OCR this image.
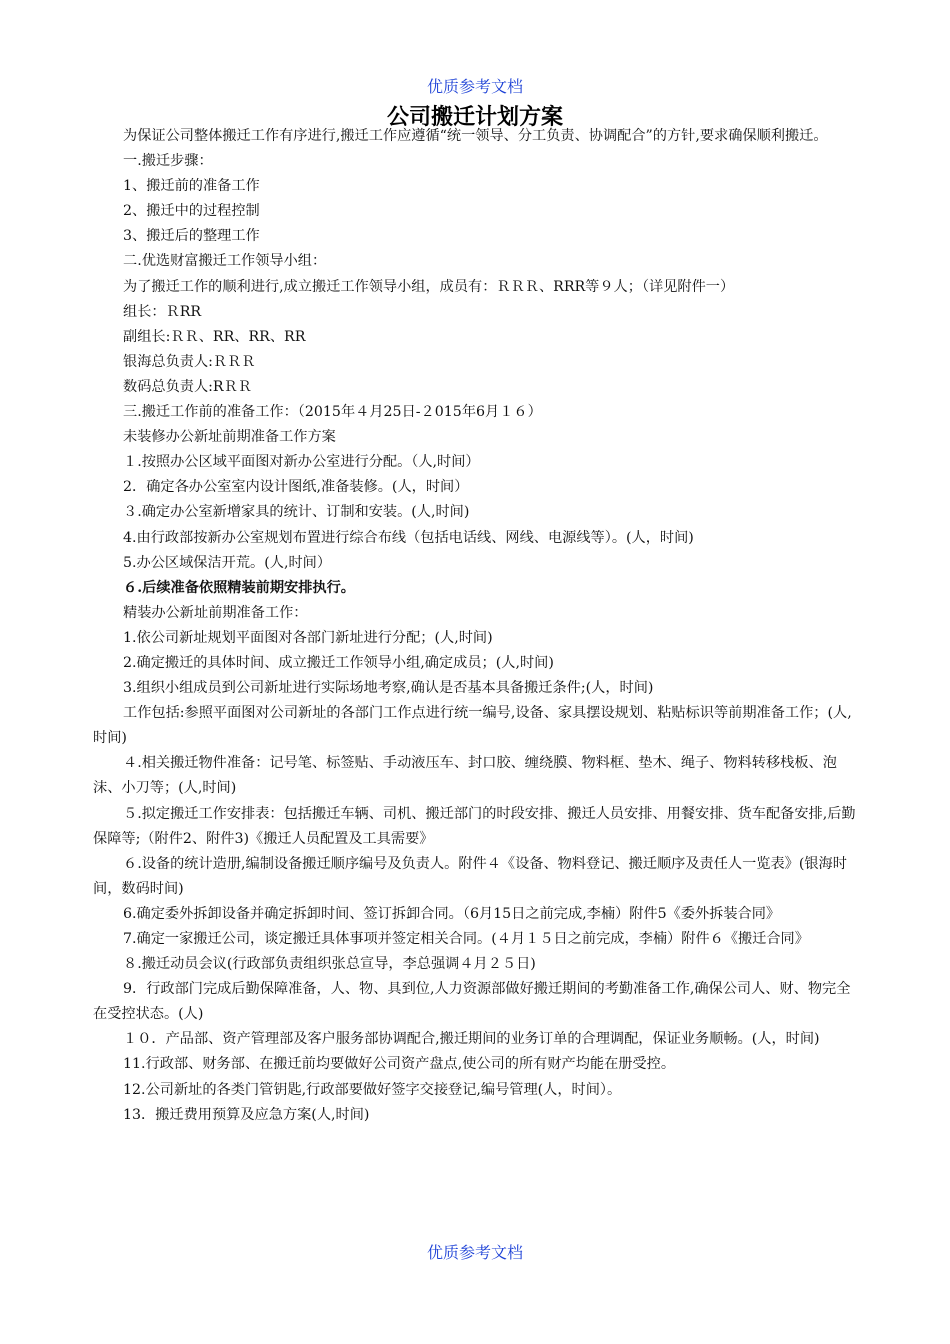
优质参考文档
公司搬迁计划方案

为保证公司整体搬迁工作有序进行,搬迁工作应遵循“统一领导、分工负责、协调配合”的方针,要求确保顺利搬迁。

一.搬迁步骤：

1、搬迁前的准备工作

2、搬迁中的过程控制

3、搬迁后的整理工作

二.优选财富搬迁工作领导小组：

为了搬迁工作的顺利进行,成立搬迁工作领导小组，成员有：ＲＲＲ、RRR等９人；（详见附件一）

组长：ＲRR

副组长:ＲＲ、RR、RR、RR

银海总负责人:ＲＲＲ

数码总负责人:RＲＲ

三.搬迁工作前的准备工作：（2015年４月25日-２015年6月１６）

未装修办公新址前期准备工作方案

１.按照办公区域平面图对新办公室进行分配。（人,时间）

2．确定各办公室室内设计图纸,准备装修。(人，时间）

３.确定办公室新增家具的统计、订制和安装。(人,时间)

4.由行政部按新办公室规划布置进行综合布线（包括电话线、网线、电源线等）。(人，时间)

5.办公区域保洁开荒。(人,时间）

６.后续准备依照精装前期安排执行。

精装办公新址前期准备工作：

1.依公司新址规划平面图对各部门新址进行分配；(人,时间)

2.确定搬迁的具体时间、成立搬迁工作领导小组,确定成员；(人,时间)

3.组织小组成员到公司新址进行实际场地考察,确认是否基本具备搬迁条件;(人，时间)

工作包括:参照平面图对公司新址的各部门工作点进行统一编号,设备、家具摆设规划、粘贴标识等前期准备工作；(人,时间)

４.相关搬迁物件准备：记号笔、标签贴、手动液压车、封口胶、缠绕膜、物料框、垫木、绳子、物料转移栈板、泡沫、小刀等；(人,时间)

５.拟定搬迁工作安排表：包括搬迁车辆、司机、搬迁部门的时段安排、搬迁人员安排、用餐安排、货车配备安排,后勤保障等;（附件2、附件3)《搬迁人员配置及工具需要》

６.设备的统计造册,编制设备搬迁顺序编号及负责人。附件４《设备、物料登记、搬迁顺序及责任人一览表》(银海时间，数码时间)

6.确定委外拆卸设备并确定拆卸时间、签订拆卸合同。（6月15日之前完成,李楠）附件5《委外拆装合同》

7.确定一家搬迁公司，谈定搬迁具体事项并签定相关合同。(４月１５日之前完成，李楠）附件６《搬迁合同》

８.搬迁动员会议(行政部负责组织张总宣导，李总强调４月２５日)

9．行政部门完成后勤保障准备，人、物、具到位,人力资源部做好搬迁期间的考勤准备工作,确保公司人、财、物完全在受控状态。(人)

１０．产品部、资产管理部及客户服务部协调配合,搬迁期间的业务订单的合理调配，保证业务顺畅。(人，时间)

11.行政部、财务部、在搬迁前均要做好公司资产盘点,使公司的所有财产均能在册受控。

12.公司新址的各类门管钥匙,行政部要做好签字交接登记,编号管理(人，时间）。

13．搬迁费用预算及应急方案(人,时间)

优质参考文档
